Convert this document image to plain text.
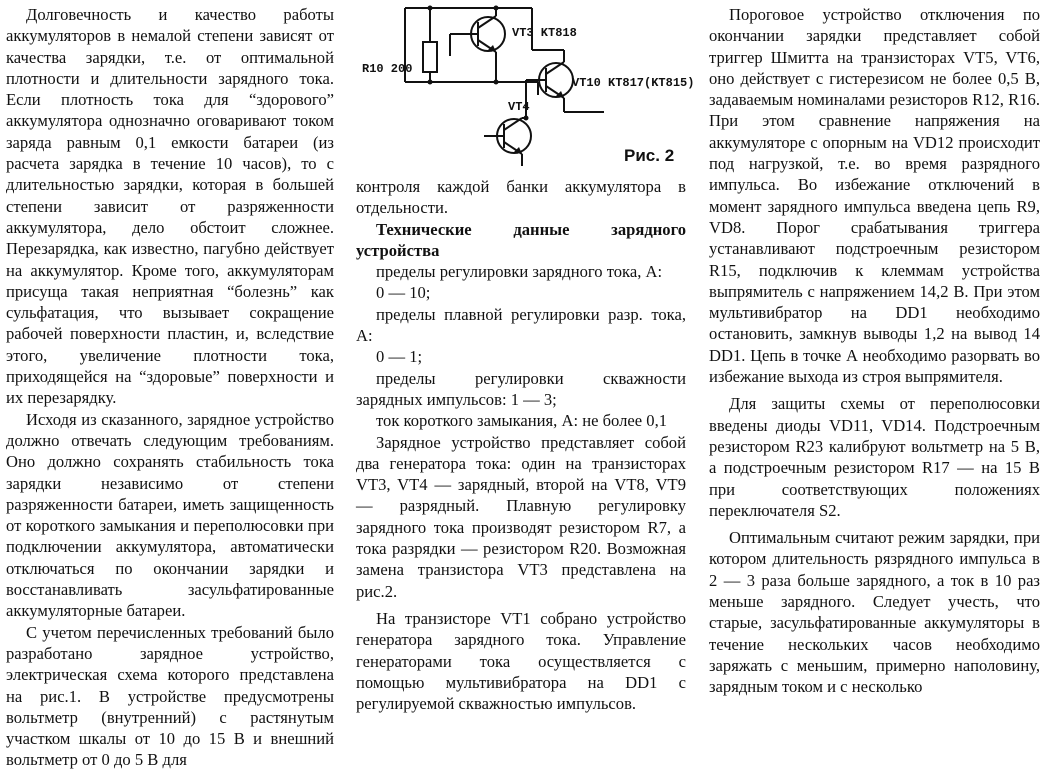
Долговечность и качество работы аккумуляторов в немалой степени зависят от качества зарядки, т.е. от оптимальной плотности и длительности зарядного тока. Если плотность тока для “здорового” аккумулятора однозначно оговаривают током заряда равным 0,1 емкости батареи (из расчета зарядка в течение 10 часов), то с длительностью зарядки, которая в большей степени зависит от разряженности аккумулятора, дело обстоит сложнее. Перезарядка, как известно, пагубно действует на аккумулятор. Кроме того, аккумуляторам присуща такая неприятная “болезнь” как сульфатация, что вызывает сокращение рабочей поверхности пластин, и, вследствие этого, увеличение плотности тока, приходящейся на “здоровые” поверхности и их перезарядку.

Исходя из сказанного, зарядное устройство должно отвечать следующим требованиям. Оно должно сохранять стабильность тока зарядки независимо от степени разряженности батареи, иметь защищенность от короткого замыкания и переполюсовки при подключении аккумулятора, автоматически отключаться по окончании зарядки и восстанавливать засульфатированные аккумуляторные батареи.

С учетом перечисленных требований было разработано зарядное устройство, электрическая схема которого представлена на рис.1. В устройстве предусмотрены вольтметр (внутренний) с растянутым участком шкалы от 10 до 15 В и внешний вольтметр от 0 до 5 В для

R10 200
VT3 KT818
VT10 KT817(KT815)
VT4
Рис. 2

контроля каждой банки аккумулятора в отдельности.

Технические данные зарядного устройства

пределы регулировки зарядного тока, А:

0 — 10;

пределы плавной регулировки разр. тока, А:

0 — 1;

пределы регулировки скважности зарядных импульсов: 1 — 3;

ток короткого замыкания, А: не более 0,1

Зарядное устройство представляет собой два генератора тока: один на транзисторах VT3, VT4 — зарядный, второй на VT8, VT9 — разрядный. Плавную регулировку зарядного тока производят резистором R7, а тока разрядки — резистором R20. Возможная замена транзистора VT3 представлена на рис.2.

На транзисторе VT1 собрано устройство генератора зарядного тока. Управление генераторами тока осуществляется с помощью мультивибратора на DD1 с регулируемой скважностью импульсов.

Пороговое устройство отключения по окончании зарядки представляет собой триггер Шмитта на транзисторах VT5, VT6, оно действует с гистерезисом не более 0,5 В, задаваемым номиналами резисторов R12, R16. При этом сравнение напряжения на аккумуляторе с опорным на VD12 происходит под нагрузкой, т.е. во время разрядного импульса. Во избежание отключений в момент зарядного импульса введена цепь R9, VD8. Порог срабатывания триггера устанавливают подстроечным резистором R15, подключив к клеммам устройства выпрямитель с напряжением 14,2 В. При этом мультивибратор на DD1 необходимо остановить, замкнув выводы 1,2 на вывод 14 DD1. Цепь в точке А необходимо разорвать во избежание выхода из строя выпрямителя.

Для защиты схемы от переполюсовки введены диоды VD11, VD14. Подстроечным резистором R23 калибруют вольтметр на 5 В, а подстроечным резистором R17 — на 15 В при соответствующих положениях переключателя S2.

Оптимальным считают режим зарядки, при котором длительность рязрядного импульса в 2 — 3 раза больше зарядного, а ток в 10 раз меньше зарядного. Следует учесть, что старые, засульфатированные аккумуляторы в течение нескольких часов необходимо заряжать с меньшим, примерно наполовину, зарядным током и с несколько
